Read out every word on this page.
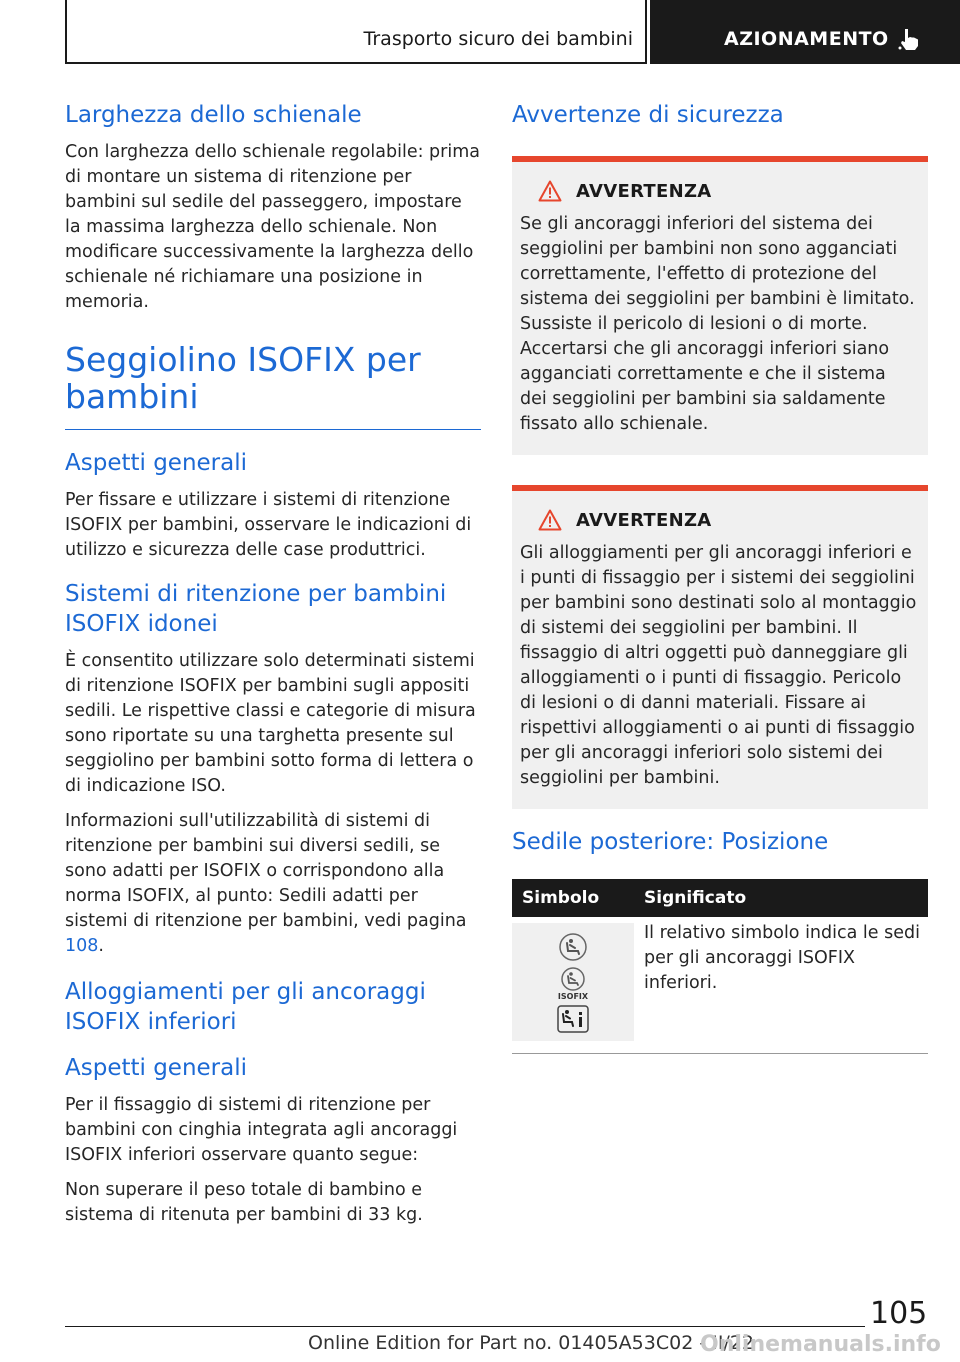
Trasporto sicuro dei bambini	AZIONAMENTO
Larghezza dello schienale

Con larghezza dello schienale regolabile: prima di montare un sistema di ritenzione per bambini sul sedile del passeggero, impostare la massima larghezza dello schienale. Non modificare successivamente la larghezza dello schienale né richiamare una posizione in memoria.

Seggiolino ISOFIX per bambini
Aspetti generali

Per fissare e utilizzare i sistemi di ritenzione ISOFIX per bambini, osservare le indicazioni di utilizzo e sicurezza delle case produttrici.

Sistemi di ritenzione per bambini ISOFIX idonei

È consentito utilizzare solo determinati sistemi di ritenzione ISOFIX per bambini sugli appositi sedili. Le rispettive classi e categorie di misura sono riportate su una targhetta presente sul seggiolino per bambini sotto forma di lettera o di indicazione ISO.

Informazioni sull'utilizzabilità di sistemi di ritenzione per bambini sui diversi sedili, se sono adatti per ISOFIX o corrispondono alla norma ISOFIX, al punto: Sedili adatti per sistemi di ritenzione per bambini, vedi pagina 108.

Alloggiamenti per gli ancoraggi ISOFIX inferiori
Aspetti generali

Per il fissaggio di sistemi di ritenzione per bambini con cinghia integrata agli ancoraggi ISOFIX inferiori osservare quanto segue:

Non superare il peso totale di bambino e sistema di ritenuta per bambini di 33 kg.

Avvertenze di sicurezza
AVVERTENZA

Se gli ancoraggi inferiori del sistema dei seggiolini per bambini non sono agganciati correttamente, l'effetto di protezione del sistema dei seggiolini per bambini è limitato. Sussiste il pericolo di lesioni o di morte. Accertarsi che gli ancoraggi inferiori siano agganciati correttamente e che il sistema dei seggiolini per bambini sia saldamente fissato allo schienale.

AVVERTENZA

Gli alloggiamenti per gli ancoraggi inferiori e i punti di fissaggio per i sistemi dei seggiolini per bambini sono destinati solo al montaggio di sistemi dei seggiolini per bambini. Il fissaggio di altri oggetti può danneggiare gli alloggiamenti o i punti di fissaggio. Pericolo di lesioni o di danni materiali. Fissare ai rispettivi alloggiamenti o ai punti di fissaggio per gli ancoraggi inferiori solo sistemi dei seggiolini per bambini.

Sedile posteriore: Posizione
Simbolo	Significato

ISOFIX	Il relativo simbolo indica le sedi per gli ancoraggi ISOFIX inferiori.
105
Online Edition for Part no. 01405A53C02 - II/22
Onlinemanuals.info
